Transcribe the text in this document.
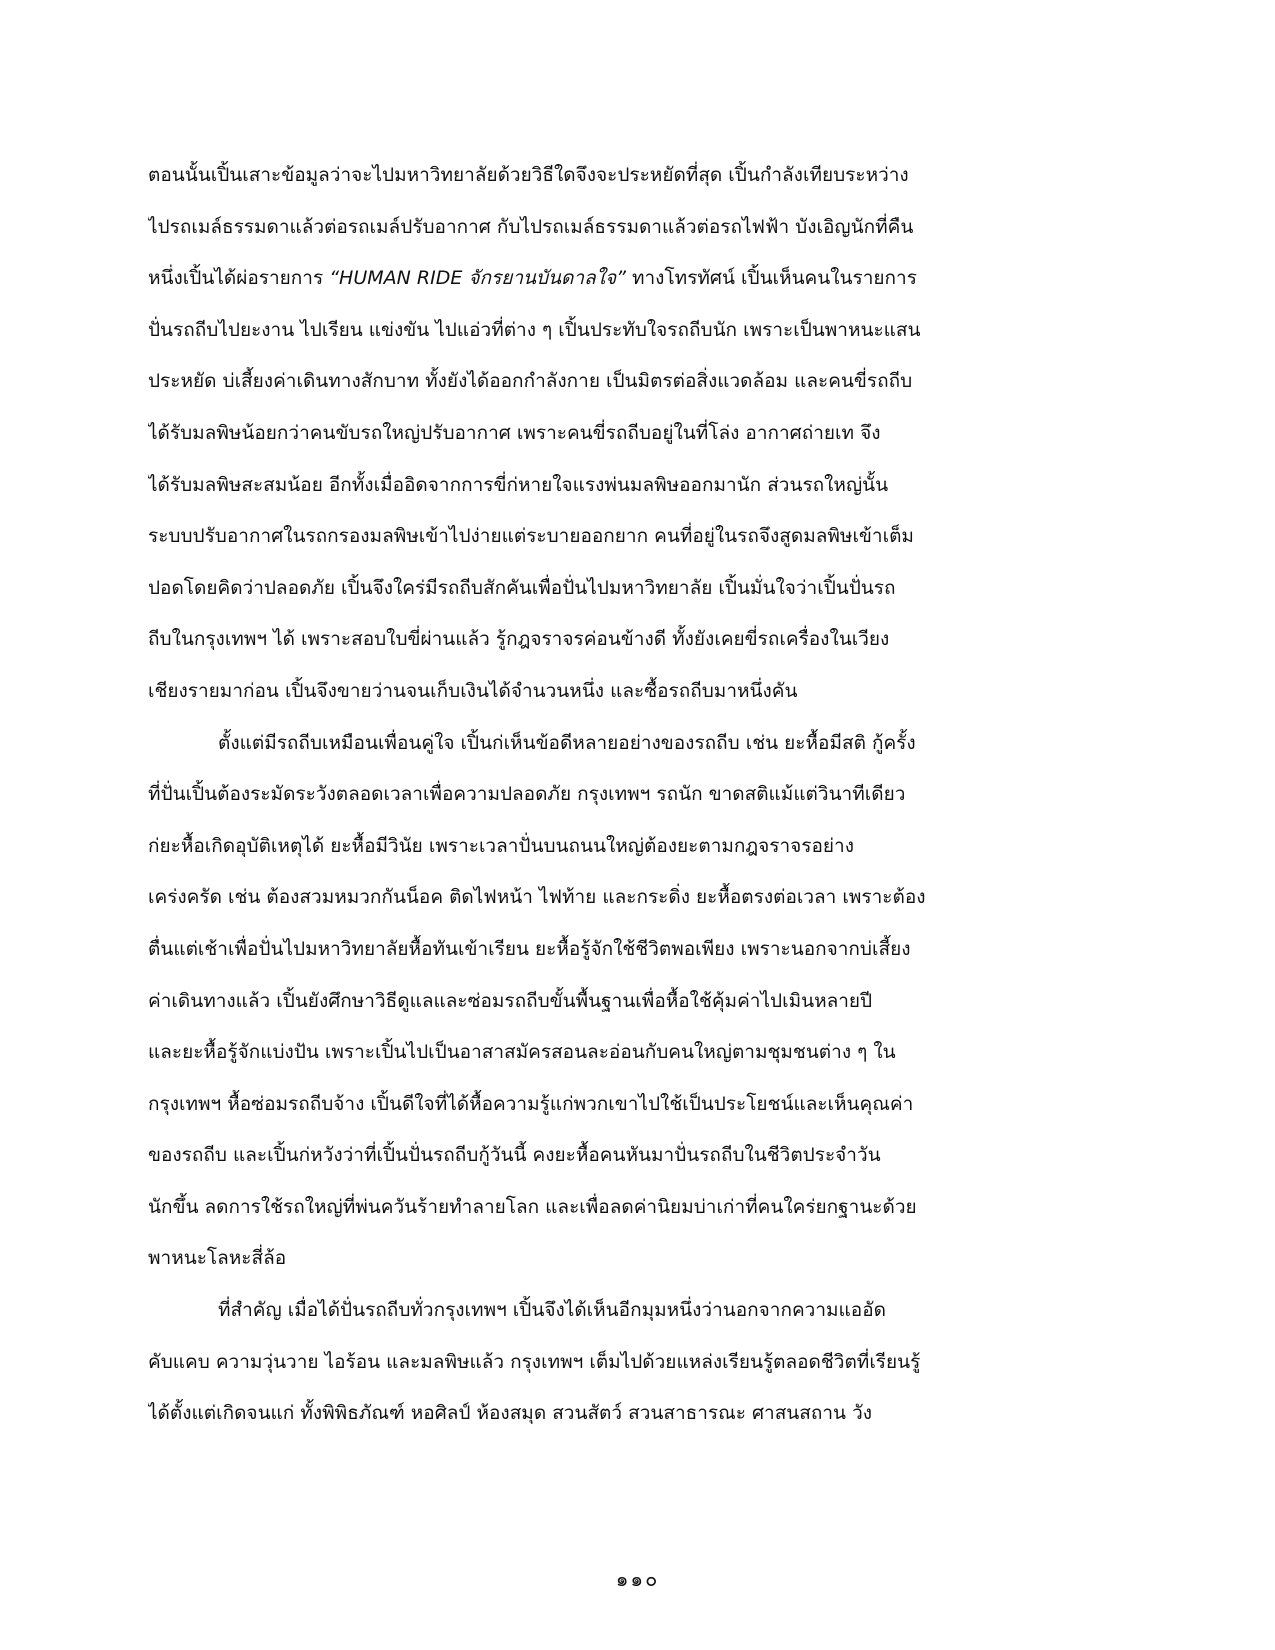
ตอนนั้นเปิ้นเสาะข้อมูลว่าจะไปมหาวิทยาลัยด้วยวิธีใดจึงจะประหยัดที่สุด เปิ้นกำลังเทียบระหว่าง
ไปรถเมล์ธรรมดาแล้วต่อรถเมล์ปรับอากาศ กับไปรถเมล์ธรรมดาแล้วต่อรถไฟฟ้า บังเอิญนักที่คืน
หนึ่งเปิ้นได้ผ่อรายการ “HUMAN RIDE จักรยานบันดาลใจ” ทางโทรทัศน์ เปิ้นเห็นคนในรายการ
ปั่นรถถีบไปยะงาน ไปเรียน แข่งขัน ไปแอ่วที่ต่าง ๆ เปิ้นประทับใจรถถีบนัก เพราะเป็นพาหนะแสน
ประหยัด บ่เสี้ยงค่าเดินทางสักบาท ทั้งยังได้ออกกำลังกาย เป็นมิตรต่อสิ่งแวดล้อม และคนขี่รถถีบ
ได้รับมลพิษน้อยกว่าคนขับรถใหญ่ปรับอากาศ เพราะคนขี่รถถีบอยู่ในที่โล่ง อากาศถ่ายเท จึง
ได้รับมลพิษสะสมน้อย อีกทั้งเมื่ออิดจากการขี่ก่หายใจแรงพ่นมลพิษออกมานัก ส่วนรถใหญ่นั้น
ระบบปรับอากาศในรถกรองมลพิษเข้าไปง่ายแต่ระบายออกยาก คนที่อยู่ในรถจึงสูดมลพิษเข้าเต็ม
ปอดโดยคิดว่าปลอดภัย เปิ้นจึงใคร่มีรถถีบสักคันเพื่อปั่นไปมหาวิทยาลัย เปิ้นมั่นใจว่าเปิ้นปั่นรถ
ถีบในกรุงเทพฯ ได้ เพราะสอบใบขี่ผ่านแล้ว รู้กฎจราจรค่อนข้างดี ทั้งยังเคยขี่รถเครื่องในเวียง
เชียงรายมาก่อน เปิ้นจึงขายว่านจนเก็บเงินได้จำนวนหนึ่ง และซื้อรถถีบมาหนึ่งคัน
ตั้งแต่มีรถถีบเหมือนเพื่อนคู่ใจ เปิ้นก่เห็นข้อดีหลายอย่างของรถถีบ เช่น ยะหื้อมีสติ กู้ครั้ง
ที่ปั่นเปิ้นต้องระมัดระวังตลอดเวลาเพื่อความปลอดภัย กรุงเทพฯ รถนัก ขาดสติแม้แต่วินาทีเดียว
ก่ยะหื้อเกิดอุบัติเหตุได้ ยะหื้อมีวินัย เพราะเวลาปั่นบนถนนใหญ่ต้องยะตามกฎจราจรอย่าง
เคร่งครัด เช่น ต้องสวมหมวกกันน็อค ติดไฟหน้า ไฟท้าย และกระดิ่ง ยะหื้อตรงต่อเวลา เพราะต้อง
ตื่นแต่เช้าเพื่อปั่นไปมหาวิทยาลัยหื้อทันเข้าเรียน ยะหื้อรู้จักใช้ชีวิตพอเพียง เพราะนอกจากบ่เสี้ยง
ค่าเดินทางแล้ว เปิ้นยังศึกษาวิธีดูแลและซ่อมรถถีบขั้นพื้นฐานเพื่อหื้อใช้คุ้มค่าไปเมินหลายปี
และยะหื้อรู้จักแบ่งปัน เพราะเปิ้นไปเป็นอาสาสมัครสอนละอ่อนกับคนใหญ่ตามชุมชนต่าง ๆ ใน
กรุงเทพฯ หื้อซ่อมรถถีบจ้าง เปิ้นดีใจที่ได้หื้อความรู้แก่พวกเขาไปใช้เป็นประโยชน์และเห็นคุณค่า
ของรถถีบ และเปิ้นก่หวังว่าที่เปิ้นปั่นรถถีบกู้วันนี้ คงยะหื้อคนหันมาปั่นรถถีบในชีวิตประจำวัน
นักขึ้น ลดการใช้รถใหญ่ที่พ่นควันร้ายทำลายโลก และเพื่อลดค่านิยมบ่าเก่าที่คนใคร่ยกฐานะด้วย
พาหนะโลหะสี่ล้อ
ที่สำคัญ เมื่อได้ปั่นรถถีบทั่วกรุงเทพฯ เปิ้นจึงได้เห็นอีกมุมหนึ่งว่านอกจากความแออัด
คับแคบ ความวุ่นวาย ไอร้อน และมลพิษแล้ว กรุงเทพฯ เต็มไปด้วยแหล่งเรียนรู้ตลอดชีวิตที่เรียนรู้
ได้ตั้งแต่เกิดจนแก่ ทั้งพิพิธภัณฑ์ หอศิลป์ ห้องสมุด สวนสัตว์ สวนสาธารณะ ศาสนสถาน วัง
๑๑๐
